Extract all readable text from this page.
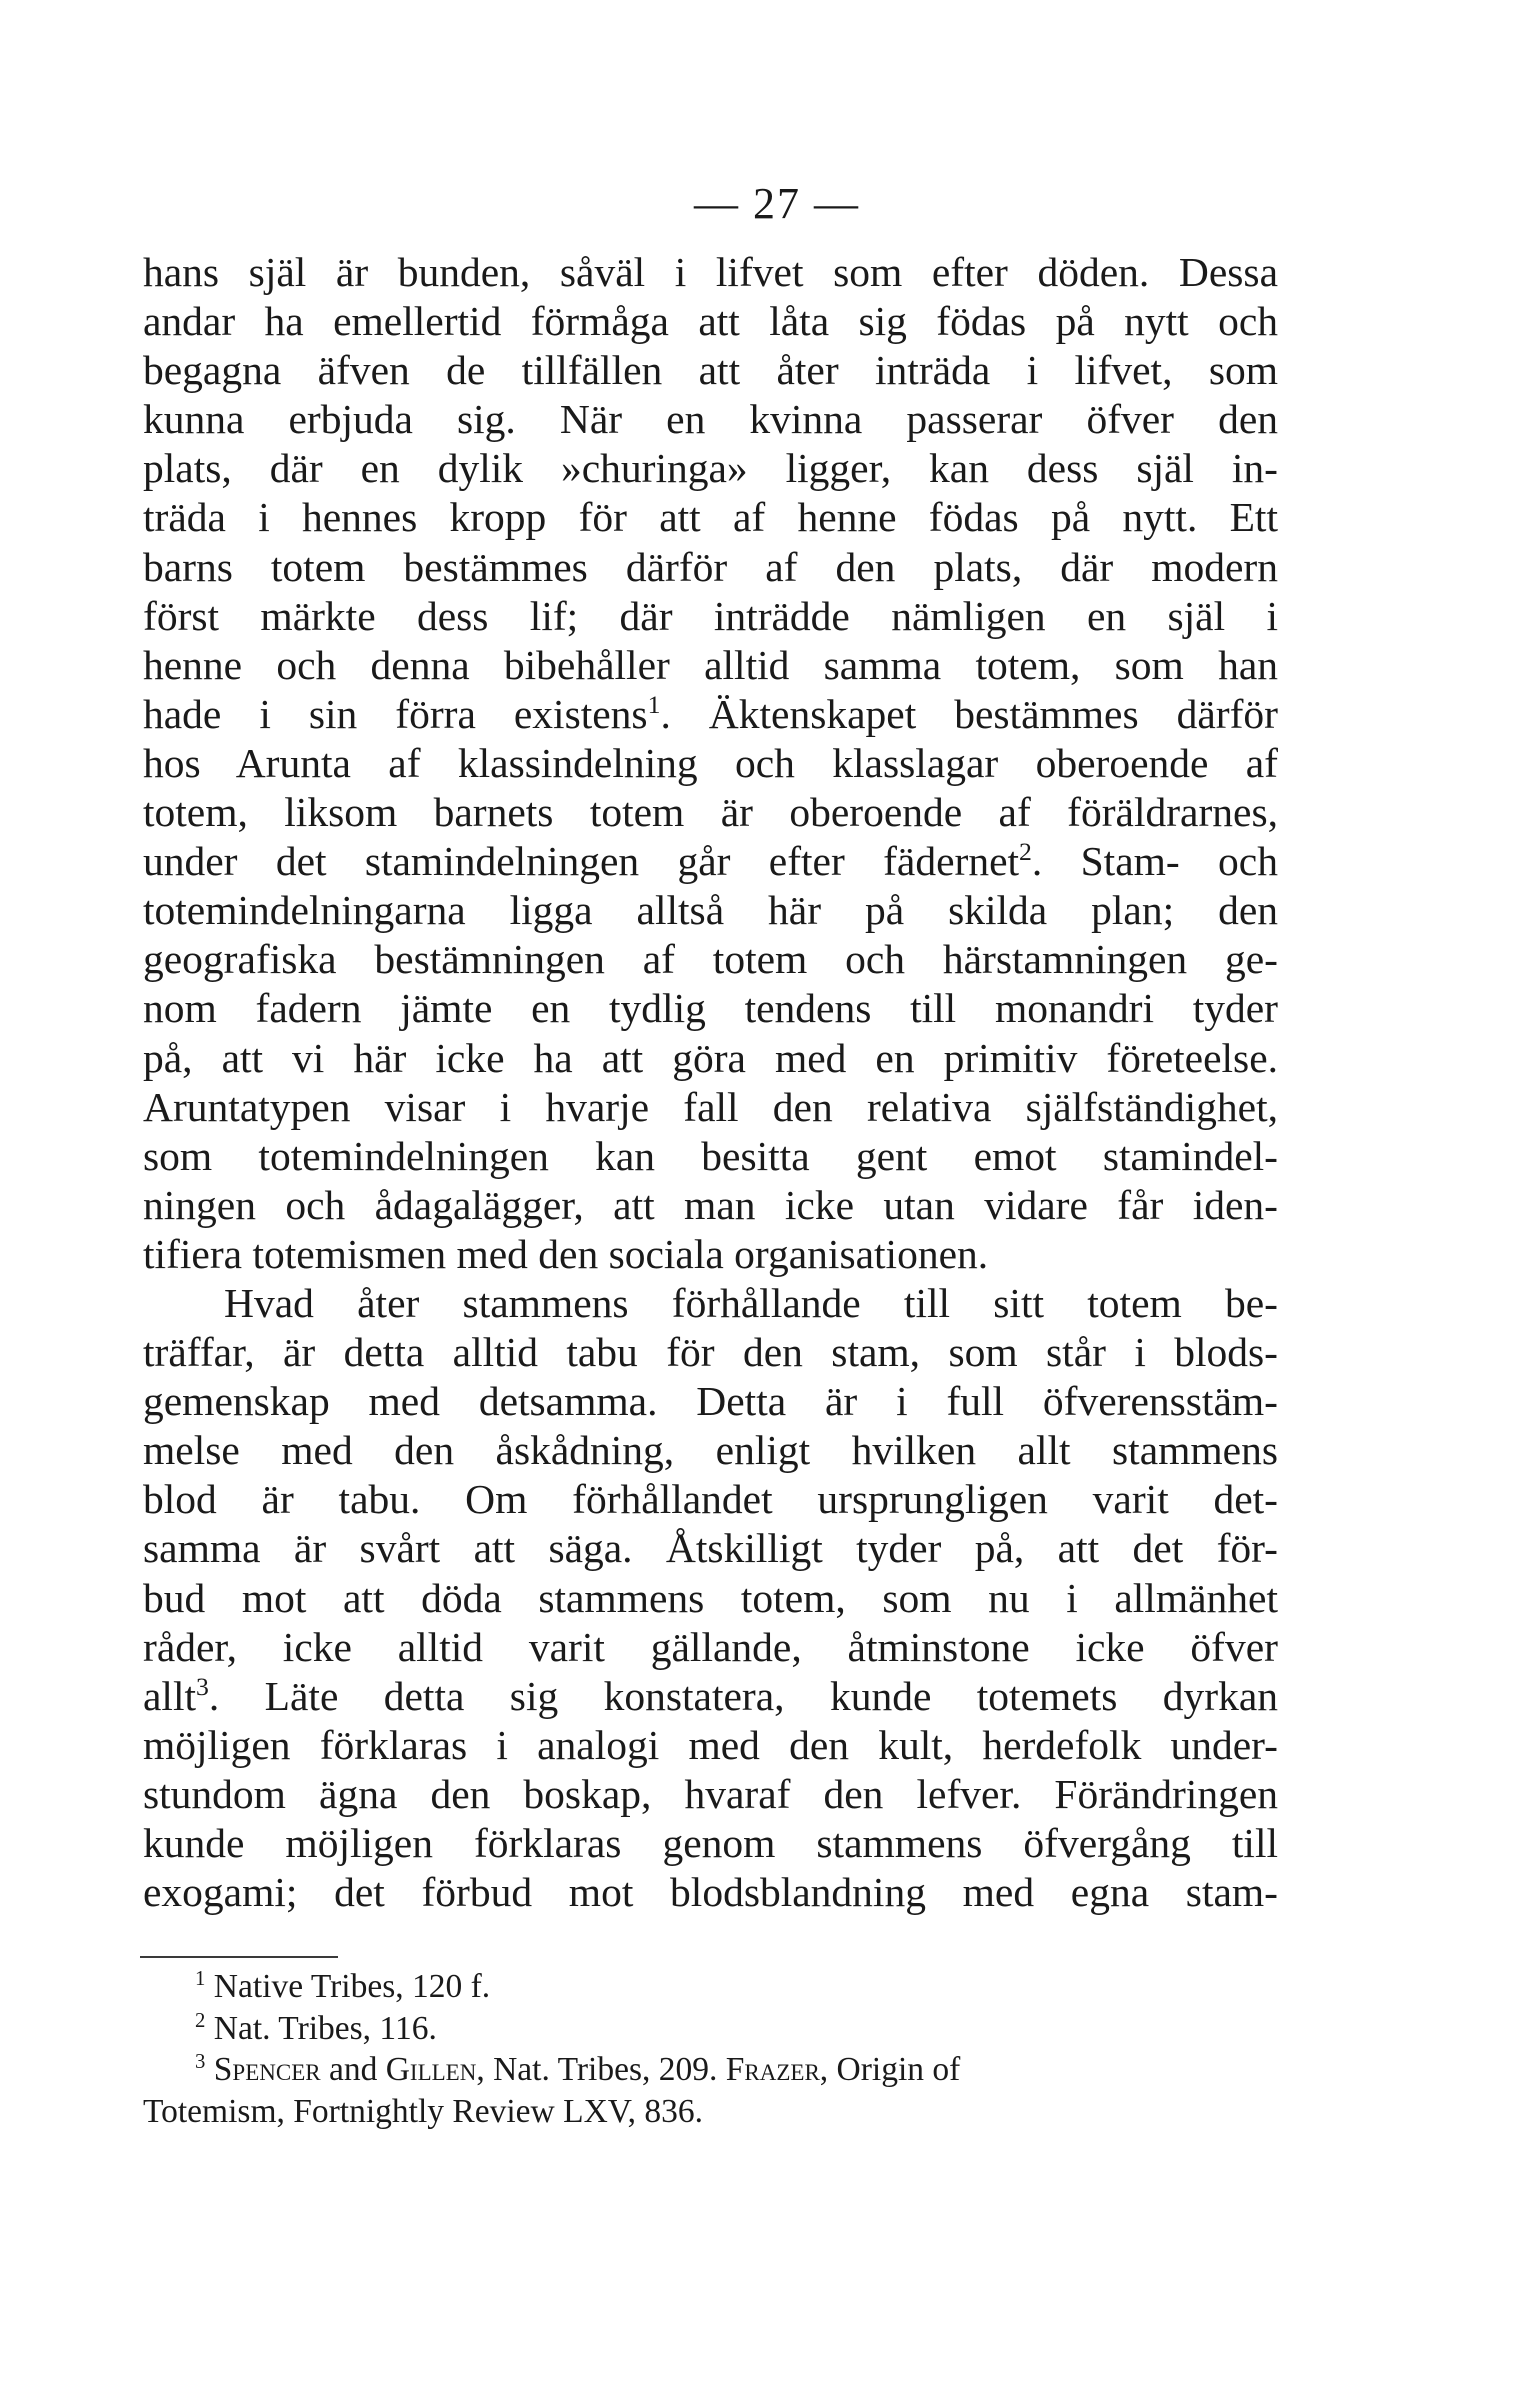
— 27 —
hans själ är bunden, såväl i lifvet som efter döden. Dessa
andar ha emellertid förmåga att låta sig födas på nytt och
begagna äfven de tillfällen att åter inträda i lifvet, som
kunna erbjuda sig. När en kvinna passerar öfver den
plats, där en dylik »churinga» ligger, kan dess själ in-
träda i hennes kropp för att af henne födas på nytt. Ett
barns totem bestämmes därför af den plats, där modern
först märkte dess lif; där inträdde nämligen en själ i
henne och denna bibehåller alltid samma totem, som han
hade i sin förra existens$^1$. Äktenskapet bestämmes därför
hos Arunta af klassindelning och klasslagar oberoende af
totem, liksom barnets totem är oberoende af föräldrarnes,
under det stamindelningen går efter fädernet$^2$. Stam- och
totemindelningarna ligga alltså här på skilda plan; den
geografiska bestämningen af totem och härstamningen ge-
nom fadern jämte en tydlig tendens till monandri tyder
på, att vi här icke ha att göra med en primitiv företeelse.
Aruntatypen visar i hvarje fall den relativa själfständighet,
som totemindelningen kan besitta gent emot stamindel-
ningen och ådagalägger, att man icke utan vidare får iden-
tifiera totemismen med den sociala organisationen.
Hvad åter stammens förhållande till sitt totem be-
träffar, är detta alltid tabu för den stam, som står i blods-
gemenskap med detsamma. Detta är i full öfverensstäm-
melse med den åskådning, enligt hvilken allt stammens
blod är tabu. Om förhållandet ursprungligen varit det-
samma är svårt att säga. Åtskilligt tyder på, att det för-
bud mot att döda stammens totem, som nu i allmänhet
råder, icke alltid varit gällande, åtminstone icke öfver
allt$^3$. Läte detta sig konstatera, kunde totemets dyrkan
möjligen förklaras i analogi med den kult, herdefolk under-
stundom ägna den boskap, hvaraf den lefver. Förändringen
kunde möjligen förklaras genom stammens öfvergång till
exogami; det förbud mot blodsblandning med egna stam-
$^1$ Native Tribes, 120 f.
$^2$ Nat. Tribes, 116.
$^3$ Spencer and Gillen, Nat. Tribes, 209. Frazer, Origin of
Totemism, Fortnightly Review LXV, 836.
